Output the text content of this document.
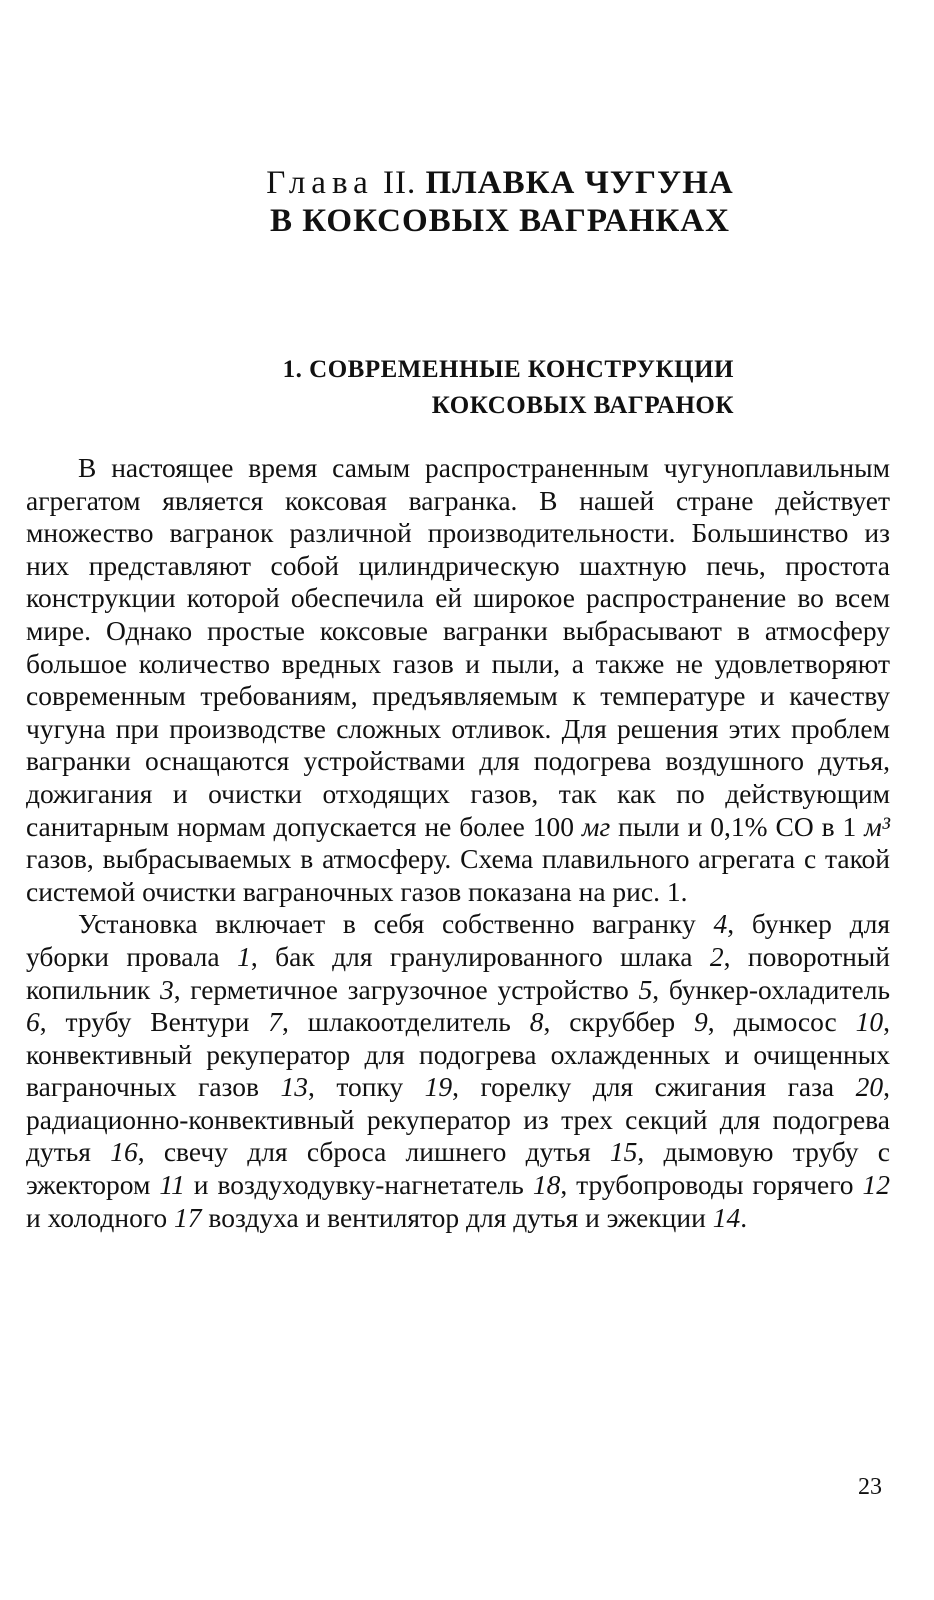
Глава II. ПЛАВКА ЧУГУНА
В КОКСОВЫХ ВАГРАНКАХ
1. СОВРЕМЕННЫЕ КОНСТРУКЦИИ
КОКСОВЫХ ВАГРАНОК

В настоящее время самым распространенным чугуноплавильным агрегатом является коксовая вагранка. В нашей стране действует множество вагранок различной производительности. Большинство из них представляют собой цилиндрическую шахтную печь, простота конструкции которой обеспечила ей широкое распространение во всем мире. Однако простые коксовые вагранки выбрасывают в атмосферу большое количество вредных газов и пыли, а также не удовлетворяют современным требованиям, предъявляемым к температуре и качеству чугуна при производстве сложных отливок. Для решения этих проблем вагранки оснащаются устройствами для подогрева воздушного дутья, дожигания и очистки отходящих газов, так как по действующим санитарным нормам допускается не более 100 мг пыли и 0,1% СО в 1 м³ газов, выбрасываемых в атмосферу. Схема плавильного агрегата с такой системой очистки ваграночных газов показана на рис. 1.

Установка включает в себя собственно вагранку 4, бункер для уборки провала 1, бак для гранулированного шлака 2, поворотный копильник 3, герметичное загрузочное устройство 5, бункер-охладитель 6, трубу Вентури 7, шлакоотделитель 8, скруббер 9, дымосос 10, конвективный рекуператор для подогрева охлажденных и очищенных ваграночных газов 13, топку 19, горелку для сжигания газа 20, радиационно-конвективный рекуператор из трех секций для подогрева дутья 16, свечу для сброса лишнего дутья 15, дымовую трубу с эжектором 11 и воздуходувку-нагнетатель 18, трубопроводы горячего 12 и холодного 17 воздуха и вентилятор для дутья и эжекции 14.

23
